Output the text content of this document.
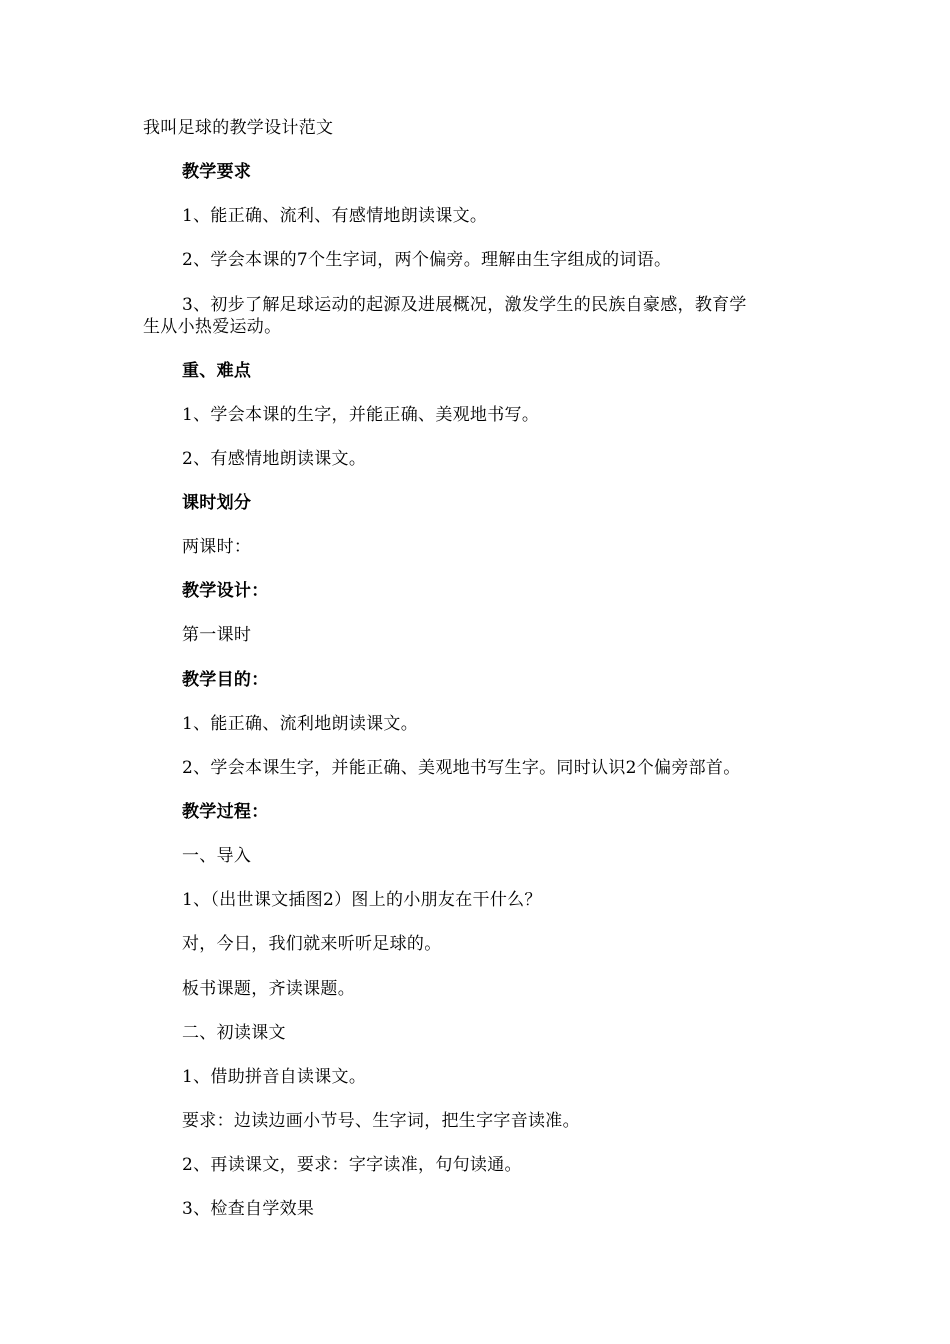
我叫足球的教学设计范文
教学要求
1、能正确、流利、有感情地朗读课文。
2、学会本课的7个生字词，两个偏旁。理解由生字组成的词语。
3、初步了解足球运动的起源及进展概况，激发学生的民族自豪感，教育学
生从小热爱运动。
重、难点
1、学会本课的生字，并能正确、美观地书写。
2、有感情地朗读课文。
课时划分
两课时：
教学设计：
第一课时
教学目的：
1、能正确、流利地朗读课文。
2、学会本课生字，并能正确、美观地书写生字。同时认识2个偏旁部首。
教学过程：
一、导入
1、（出世课文插图2）图上的小朋友在干什么？
对，今日，我们就来听听足球的。
板书课题，齐读课题。
二、初读课文
1、借助拼音自读课文。
要求：边读边画小节号、生字词，把生字字音读准。
2、再读课文，要求：字字读准，句句读通。
3、检查自学效果
